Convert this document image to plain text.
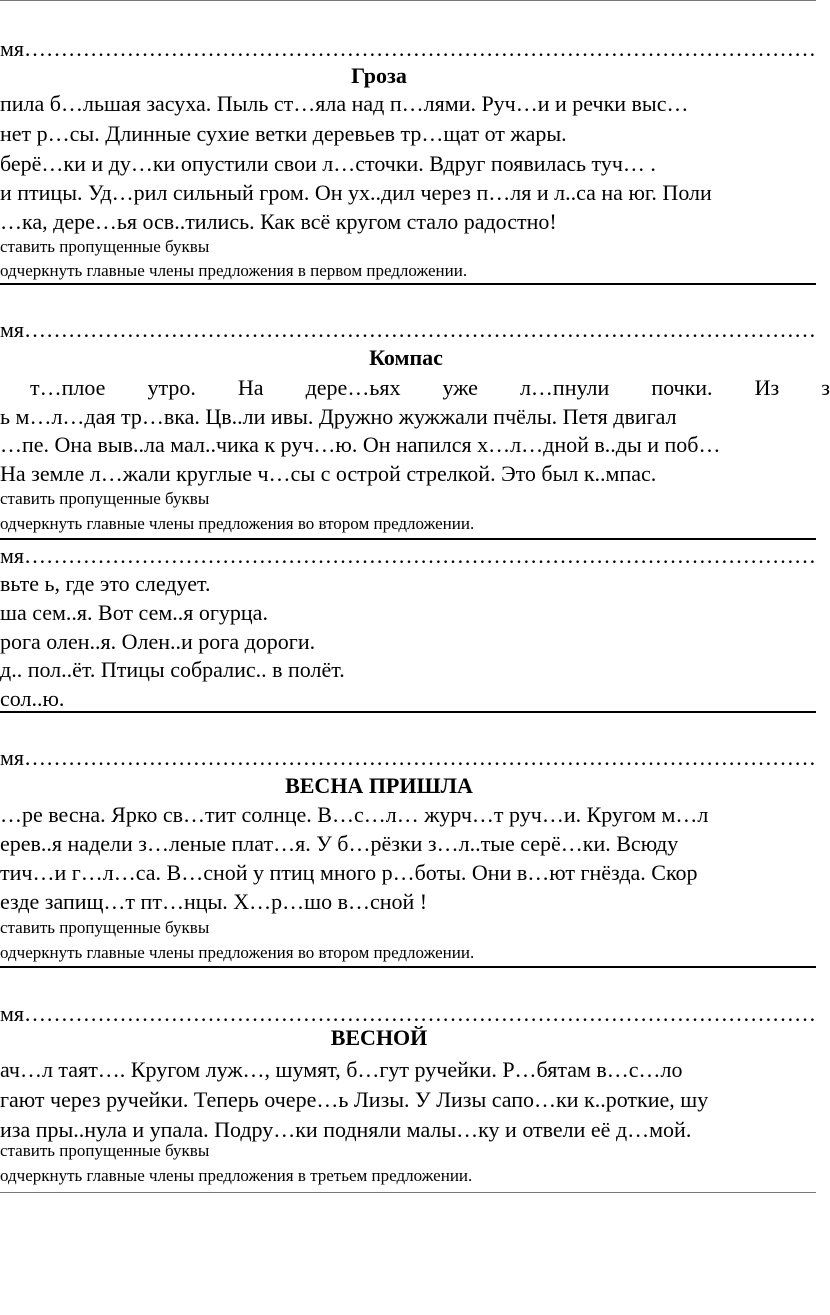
мя………………………………………………………………………………………………
Гроза
пила б…льшая засуха. Пыль ст…яла над п…лями. Руч…и и речки выс…
нет р…сы. Длинные сухие ветки деревьев тр…щат от жары.
берё…ки и ду…ки опустили свои л…сточки. Вдруг появилась туч… .
и птицы. Уд…рил сильный гром. Он ух..дил через п…ля и л..са на юг. Поли
…ка, дере…ья осв..тились. Как всё кругом стало радостно!
ставить пропущенные буквы
одчеркнуть главные члены предложения в первом предложении.
мя………………………………………………………………………………………………
Компас
т…плое утро. На дере…ьях уже л…пнули почки. Из з
ь м…л…дая тр…вка. Цв..ли ивы. Дружно жужжали пчёлы. Петя двигал
…пе. Она выв..ла мал..чика к руч…ю. Он напился х…л…дной в..ды и поб…
На земле л…жали круглые ч…сы с острой стрелкой. Это был к..мпас.
ставить пропущенные буквы
одчеркнуть главные члены предложения во втором предложении.
мя………………………………………………………………………………………………
вьте ь, где это следует.
ша сем..я. Вот сем..я огурца.
рога олен..я. Олен..и рога дороги.
д.. пол..ёт. Птицы собралис.. в полёт.
сол..ю.
мя………………………………………………………………………………………………
ВЕСНА ПРИШЛА
…ре весна. Ярко св…тит солнце. В…с…л… журч…т руч…и. Кругом м…л
ерев..я надели з…леные плат…я. У б…рёзки з…л..тые серё…ки. Всюду
тич…и г…л…са. В…сной у птиц много р…боты. Они в…ют гнёзда. Скор
езде запищ…т пт…нцы. Х…р…шо в…сной !
ставить пропущенные буквы
одчеркнуть главные члены предложения во втором предложении.
мя………………………………………………………………………………………………
ВЕСНОЙ
ач…л таят…. Кругом луж…, шумят, б…гут ручейки. Р…бятам в…с…ло
гают через ручейки. Теперь очере…ь Лизы. У Лизы сапо…ки к..роткие, шу
иза пры..нула и упала. Подру…ки подняли малы…ку и отвели её д…мой.
ставить пропущенные буквы
одчеркнуть главные члены предложения в третьем предложении.
